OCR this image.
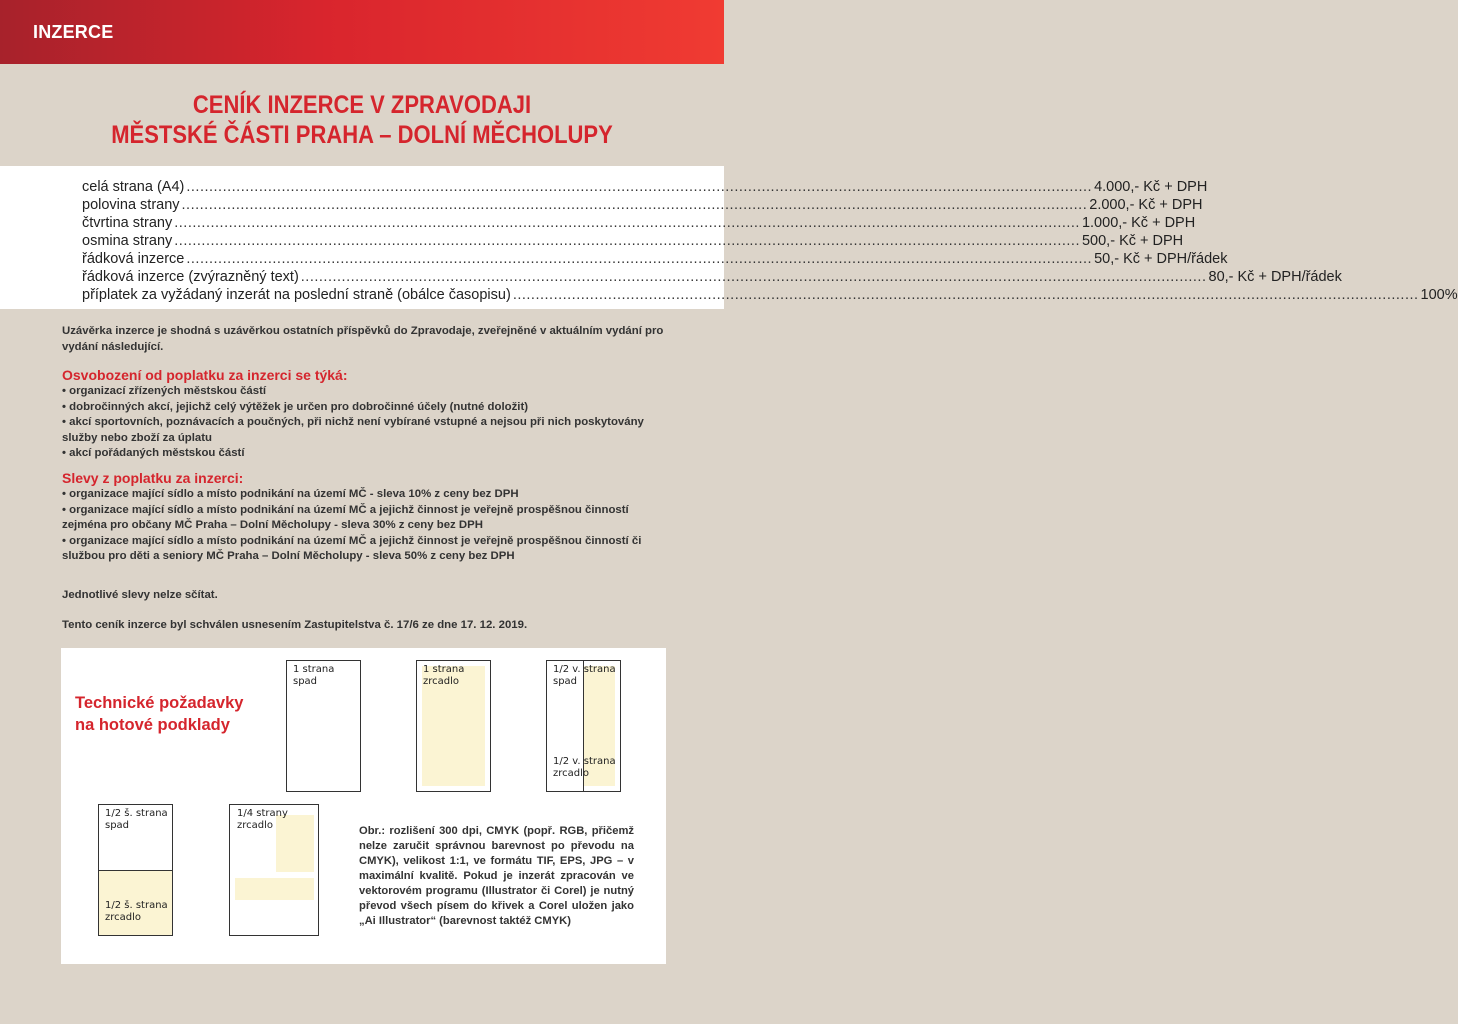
INZERCE
CENÍK INZERCE V ZPRAVODAJI
MĚSTSKÉ ČÁSTI PRAHA – DOLNÍ MĚCHOLUPY
celá strana (A4) ........................................................................................................................................................................................................ 4.000,- Kč + DPH
polovina strany ........................................................................................................................................................................................................ 2.000,- Kč + DPH
čtvrtina strany ........................................................................................................................................................................................................ 1.000,- Kč + DPH
osmina strany ........................................................................................................................................................................................................ 500,- Kč + DPH
řádková inzerce ........................................................................................................................................................................................................ 50,- Kč + DPH/řádek
řádková inzerce (zvýrazněný text) ........................................................................................................................................................................................................ 80,- Kč + DPH/řádek
příplatek za vyžádaný inzerát na poslední straně (obálce časopisu) ........................................................................................................................................................................................................ 100%
Uzávěrka inzerce je shodná s uzávěrkou ostatních příspěvků do Zpravodaje, zveřejněné v aktuálním vydání pro vydání následující.
Osvobození od poplatku za inzerci se týká:
• organizací zřízených městskou částí
• dobročinných akcí, jejichž celý výtěžek je určen pro dobročinné účely (nutné doložit)
• akcí sportovních, poznávacích a poučných, při nichž není vybírané vstupné a nejsou při nich poskytovány služby nebo zboží za úplatu
• akcí pořádaných městskou částí
Slevy z poplatku za inzerci:
• organizace mající sídlo a místo podnikání na území MČ - sleva 10% z ceny bez DPH
• organizace mající sídlo a místo podnikání na území MČ a jejichž činnost je veřejně prospěšnou činností zejména pro občany MČ Praha – Dolní Měcholupy - sleva 30% z ceny bez DPH
• organizace mající sídlo a místo podnikání na území MČ a jejichž činnost je veřejně prospěšnou činností či službou pro děti a seniory MČ Praha – Dolní Měcholupy - sleva 50% z ceny bez DPH
Jednotlivé slevy nelze sčítat.
Tento ceník inzerce byl schválen usnesením Zastupitelstva č. 17/6 ze dne 17. 12. 2019.
Technické požadavky
na hotové podklady
1 strana
spad
1 strana
zrcadlo
1/2 v. strana
spad
1/2 v. strana
zrcadlo
1/2 š. strana
spad
1/2 š. strana
zrcadlo
1/4 strany
zrcadlo	Obr.: rozlišení 300 dpi, CMYK (popř. RGB, přičemž nelze zaručit správnou barevnost po převodu na CMYK), velikost 1:1, ve formátu TIF, EPS, JPG – v maximální kvalitě. Pokud je inzerát zpracován ve vektorovém programu (Illustrator či Corel) je nutný převod všech písem do křivek a Corel uložen jako „Ai Illustrator“ (barevnost taktéž CMYK)
